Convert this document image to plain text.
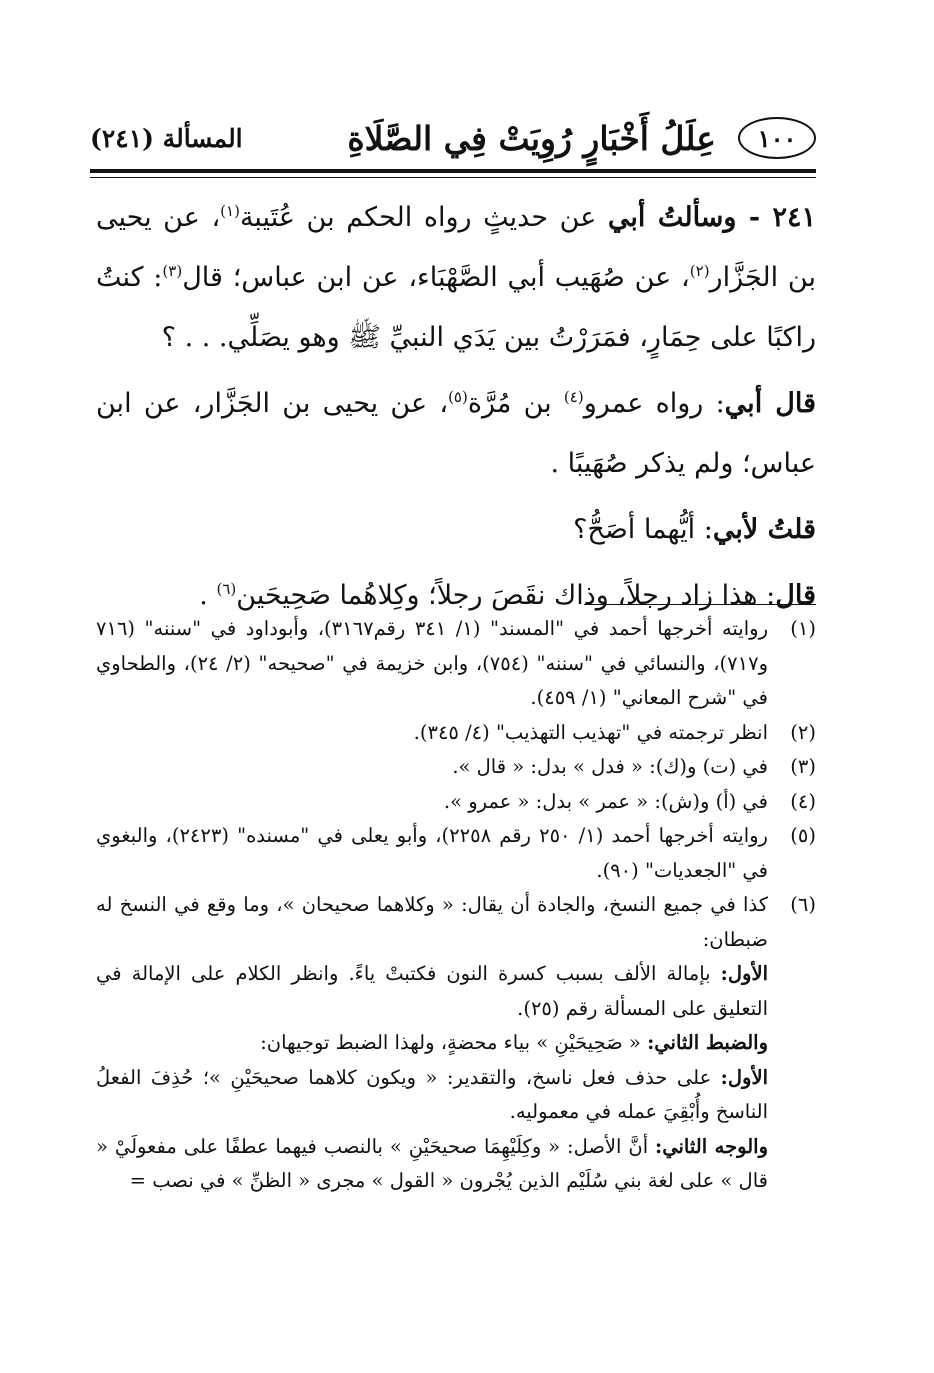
١٠٠
عِلَلُ أَخْبَارٍ رُوِيَتْ فِي الصَّلَاةِ
المسألة (٢٤١)

٢٤١ - وسألتُ أبي عن حديثٍ رواه الحكم بن عُتَيبة$^{(١)}$، عن يحيى بن الجَزَّار$^{(٢)}$، عن صُهَيب أبي الصَّهْبَاء، عن ابن عباس؛ قال$^{(٣)}$: كنتُ راكبًا على حِمَارٍ، فمَرَرْتُ بين يَدَي النبيِّ ﷺ وهو يصَلِّي. . . ؟

قال أبي: رواه عمرو$^{(٤)}$ بن مُرَّة$^{(٥)}$، عن يحيى بن الجَزَّار، عن ابن عباس؛ ولم يذكر صُهَيبًا .

قلتُ لأبي: أيُّهما أصَحُّ؟

قال: هذا زاد رجلاً، وذاك نقَصَ رجلاً؛ وكِلاهُما صَحِيحَين$^{(٦)}$ .

(١)
روايته أخرجها أحمد في "المسند" (١/ ٣٤١ رقم٣١٦٧)، وأبوداود في "سننه" (٧١٦ و٧١٧)، والنسائي في "سننه" (٧٥٤)، وابن خزيمة في "صحيحه" (٢/ ٢٤)، والطحاوي في "شرح المعاني" (١/ ٤٥٩).
(٢)
انظر ترجمته في "تهذيب التهذيب" (٤/ ٣٤٥).
(٣)
في (ت) و(ك): « فدل » بدل: « قال ».
(٤)
في (أ) و(ش): « عمر » بدل: « عمرو ».
(٥)
روايته أخرجها أحمد (١/ ٢٥٠ رقم ٢٢٥٨)، وأبو يعلى في "مسنده" (٢٤٢٣)، والبغوي في "الجعديات" (٩٠).
(٦)

كذا في جميع النسخ، والجادة أن يقال: « وكلاهما صحيحان »، وما وقع في النسخ له ضبطان:

الأول: بإمالة الألف بسبب كسرة النون فكتبتْ ياءً. وانظر الكلام على الإمالة في التعليق على المسألة رقم (٢٥).

والضبط الثاني: « صَحِيحَيْنِ » بياء محضةٍ، ولهذا الضبط توجيهان:

الأول: على حذف فعل ناسخ، والتقدير: « ويكون كلاهما صحيحَيْنِ »؛ حُذِفَ الفعلُ الناسخ وأُبْقِيَ عمله في معموليه.

والوجه الثاني: أنَّ الأصل: « وكِلَيْهِمَا صحيحَيْنِ » بالنصب فيهما عطفًا على مفعولَيْ « قال » على لغة بني سُلَيْم الذين يُجْرون « القول » مجرى « الظنِّ » في نصب =
